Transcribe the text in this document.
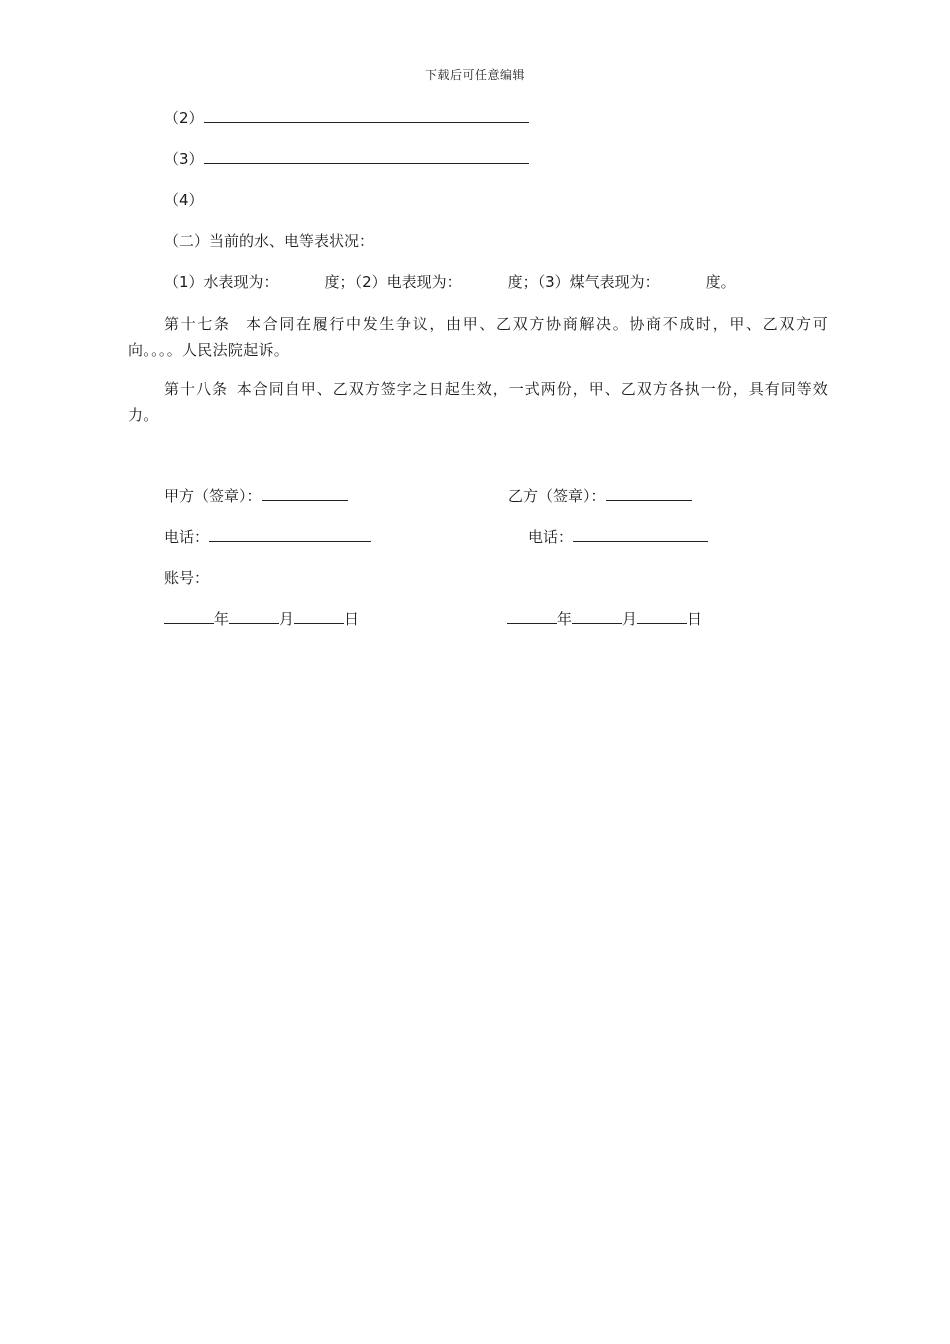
下载后可任意编辑
（2）
（3）
（4）
（二）当前的水、电等表状况：
（1）水表现为：	度；（2）电表现为：	度；（3）煤气表现为：	度。
第十七条 本合同在履行中发生争议，由甲、乙双方协商解决。协商不成时，甲、乙双方可向。。。。人民法院起诉。
第十八条 本合同自甲、乙双方签字之日起生效，一式两份，甲、乙双方各执一份，具有同等效力。
甲方（签章）：	乙方（签章）：
电话：	电话：
账号：
年	月	日	年	月	日
